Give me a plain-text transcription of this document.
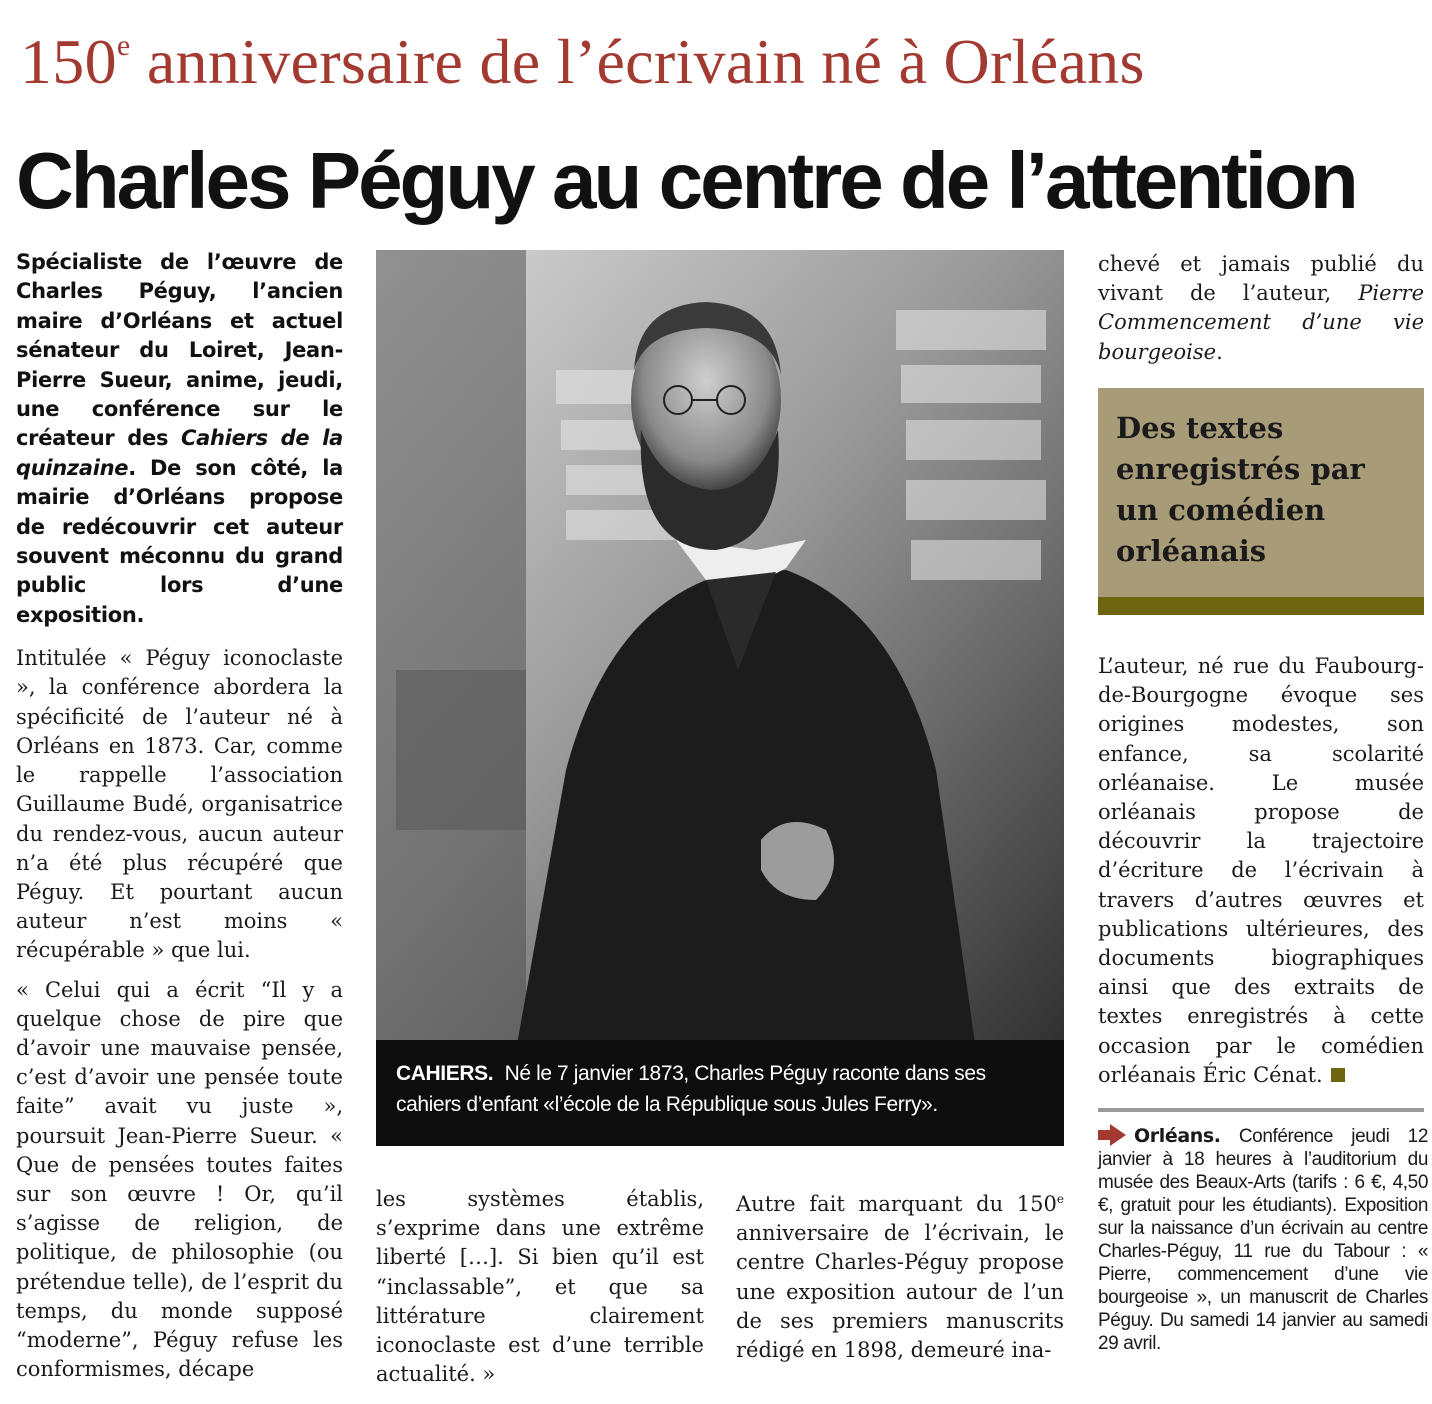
150e anniversaire de l’écrivain né à Orléans
Charles Péguy au centre de l’attention

Spécialiste de l’œuvre de Charles Péguy, l’ancien maire d’Orléans et actuel sénateur du Loiret, Jean-Pierre Sueur, anime, jeudi, une conférence sur le créateur des Cahiers de la quinzaine. De son côté, la mairie d’Orléans propose de redécouvrir cet auteur souvent méconnu du grand public lors d’une exposition.

Intitulée « Péguy iconoclaste », la conférence abordera la spécificité de l’auteur né à Orléans en 1873. Car, comme le rappelle l’association Guillaume Budé, organisatrice du rendez-vous, aucun auteur n’a été plus récupéré que Péguy. Et pourtant aucun auteur n’est moins « récupérable » que lui.

« Celui qui a écrit “Il y a quelque chose de pire que d’avoir une mauvaise pensée, c’est d’avoir une pensée toute faite” avait vu juste », poursuit Jean-Pierre Sueur. « Que de pensées toutes faites sur son œuvre ! Or, qu’il s’agisse de religion, de politique, de philosophie (ou prétendue telle), de l’esprit du temps, du monde supposé “moderne”, Péguy refuse les conformismes, décape

CAHIERS. Né le 7 janvier 1873, Charles Péguy raconte dans ses cahiers d’enfant «l’école de la République sous Jules Ferry».

les systèmes établis, s’exprime dans une extrême liberté […]. Si bien qu’il est “inclassable”, et que sa littérature clairement iconoclaste est d’une terrible actualité. »

Autre fait marquant du 150e anniversaire de l’écrivain, le centre Charles-Péguy propose une exposition autour de l’un de ses premiers manuscrits rédigé en 1898, demeuré ina-

chevé et jamais publié du vivant de l’auteur, Pierre Commencement d’une vie bourgeoise.

Des textes enregistrés par un comédien orléanais

L’auteur, né rue du Faubourg-de-Bourgogne évoque ses origines modestes, son enfance, sa scolarité orléanaise. Le musée orléanais propose de découvrir la trajectoire d’écriture de l’écrivain à travers d’autres œuvres et publications ultérieures, des documents biographiques ainsi que des extraits de textes enregistrés à cette occasion par le comédien orléanais Éric Cénat.

Orléans. Conférence jeudi 12 janvier à 18 heures à l’auditorium du musée des Beaux-Arts (tarifs : 6 €, 4,50 €, gratuit pour les étudiants). Exposition sur la naissance d’un écrivain au centre Charles-Péguy, 11 rue du Tabour : « Pierre, commencement d’une vie bourgeoise », un manuscrit de Charles Péguy. Du samedi 14 janvier au samedi 29 avril.
